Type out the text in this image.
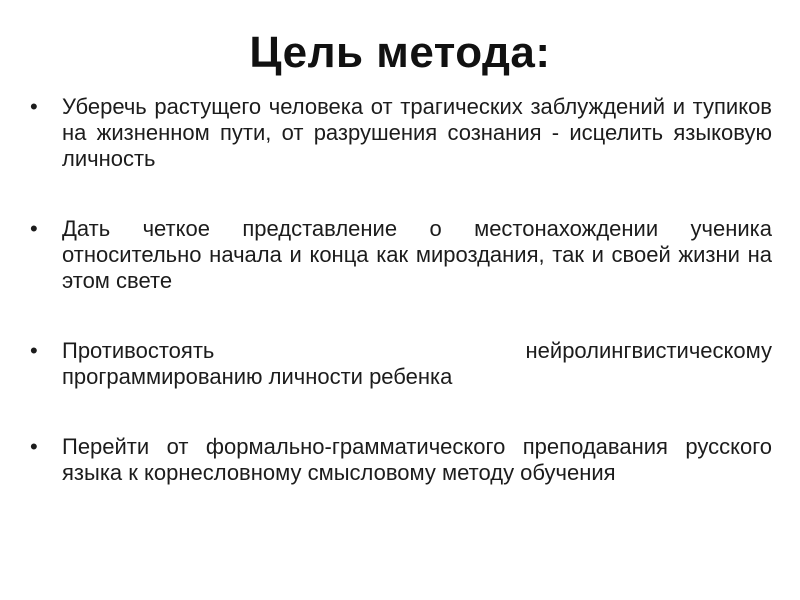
Цель метода:
•	Уберечь растущего человека от трагических заблуждений и тупиков на жизненном пути, от разрушения сознания - исцелить языковую личность
•	Дать четкое представление о местонахождении ученика относительно начала и конца как мироздания, так и своей жизни на этом свете
•	Противостоять	нейролингвистическому
программированию личности ребенка
•	Перейти от формально-грамматического преподавания русского языка к корнесловному смысловому методу обучения
